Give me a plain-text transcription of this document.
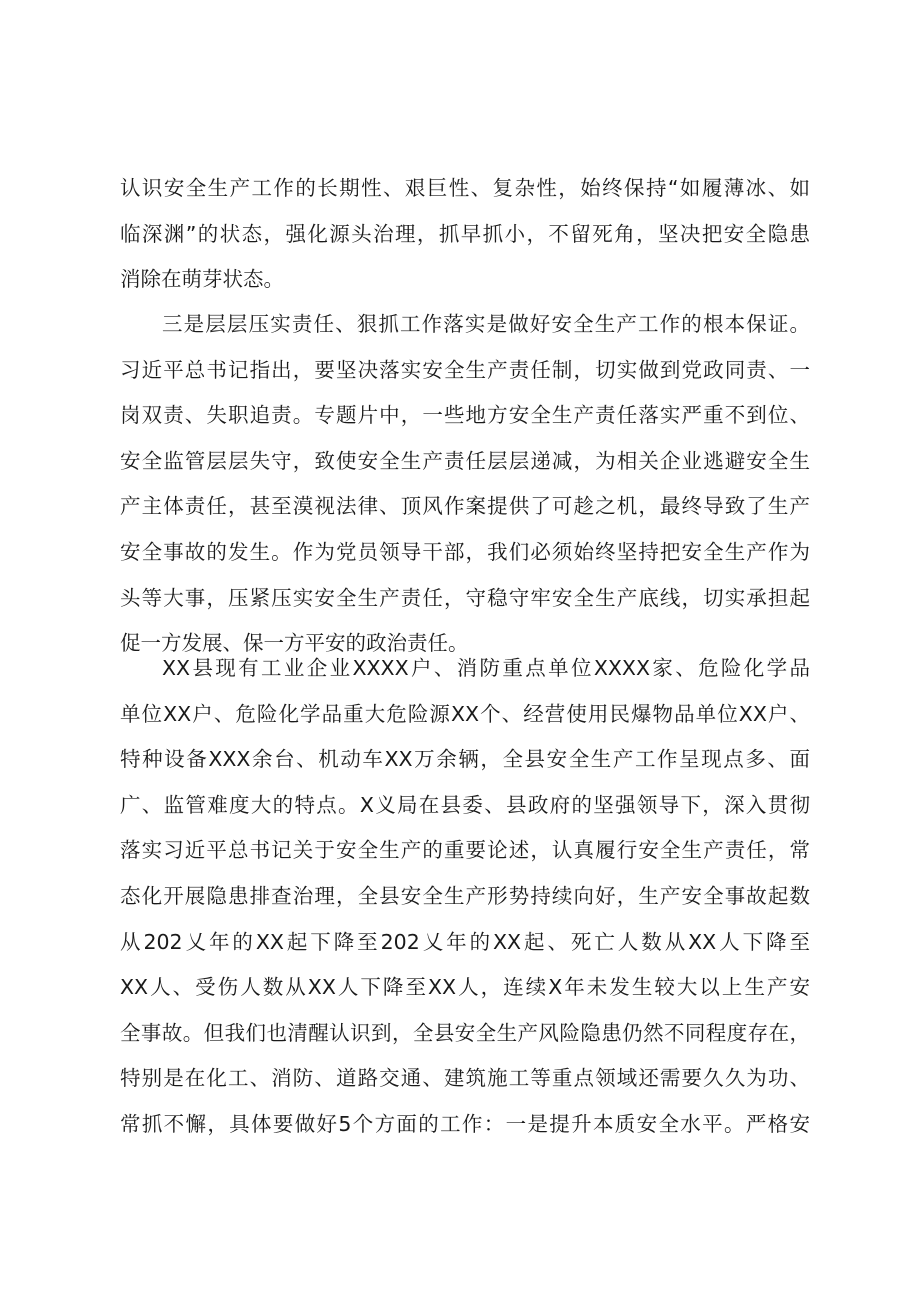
认识安全生产工作的长期性、艰巨性、复杂性，始终保持“如履薄冰、如
临深渊”的状态，强化源头治理，抓早抓小，不留死角，坚决把安全隐患
消除在萌芽状态。
三是层层压实责任、狠抓工作落实是做好安全生产工作的根本保证。
习近平总书记指出，要坚决落实安全生产责任制，切实做到党政同责、一
岗双责、失职追责。专题片中，一些地方安全生产责任落实严重不到位、
安全监管层层失守，致使安全生产责任层层递减，为相关企业逃避安全生
产主体责任，甚至漠视法律、顶风作案提供了可趁之机，最终导致了生产
安全事故的发生。作为党员领导干部，我们必须始终坚持把安全生产作为
头等大事，压紧压实安全生产责任，守稳守牢安全生产底线，切实承担起
促一方发展、保一方平安的政治责任。
XX县现有工业企业XXXX户、消防重点单位XXXX家、危险化学品
单位XX户、危险化学品重大危险源XX个、经营使用民爆物品单位XX户、
特种设备XXX余台、机动车XX万余辆，全县安全生产工作呈现点多、面
广、监管难度大的特点。X义局在县委、县政府的坚强领导下，深入贯彻
落实习近平总书记关于安全生产的重要论述，认真履行安全生产责任，常
态化开展隐患排查治理，全县安全生产形势持续向好，生产安全事故起数
从202乂年的XX起下降至202乂年的XX起、死亡人数从XX人下降至
XX人、受伤人数从XX人下降至XX人，连续X年未发生较大以上生产安
全事故。但我们也清醒认识到，全县安全生产风险隐患仍然不同程度存在，
特别是在化工、消防、道路交通、建筑施工等重点领域还需要久久为功、
常抓不懈，具体要做好5个方面的工作：一是提升本质安全水平。严格安
